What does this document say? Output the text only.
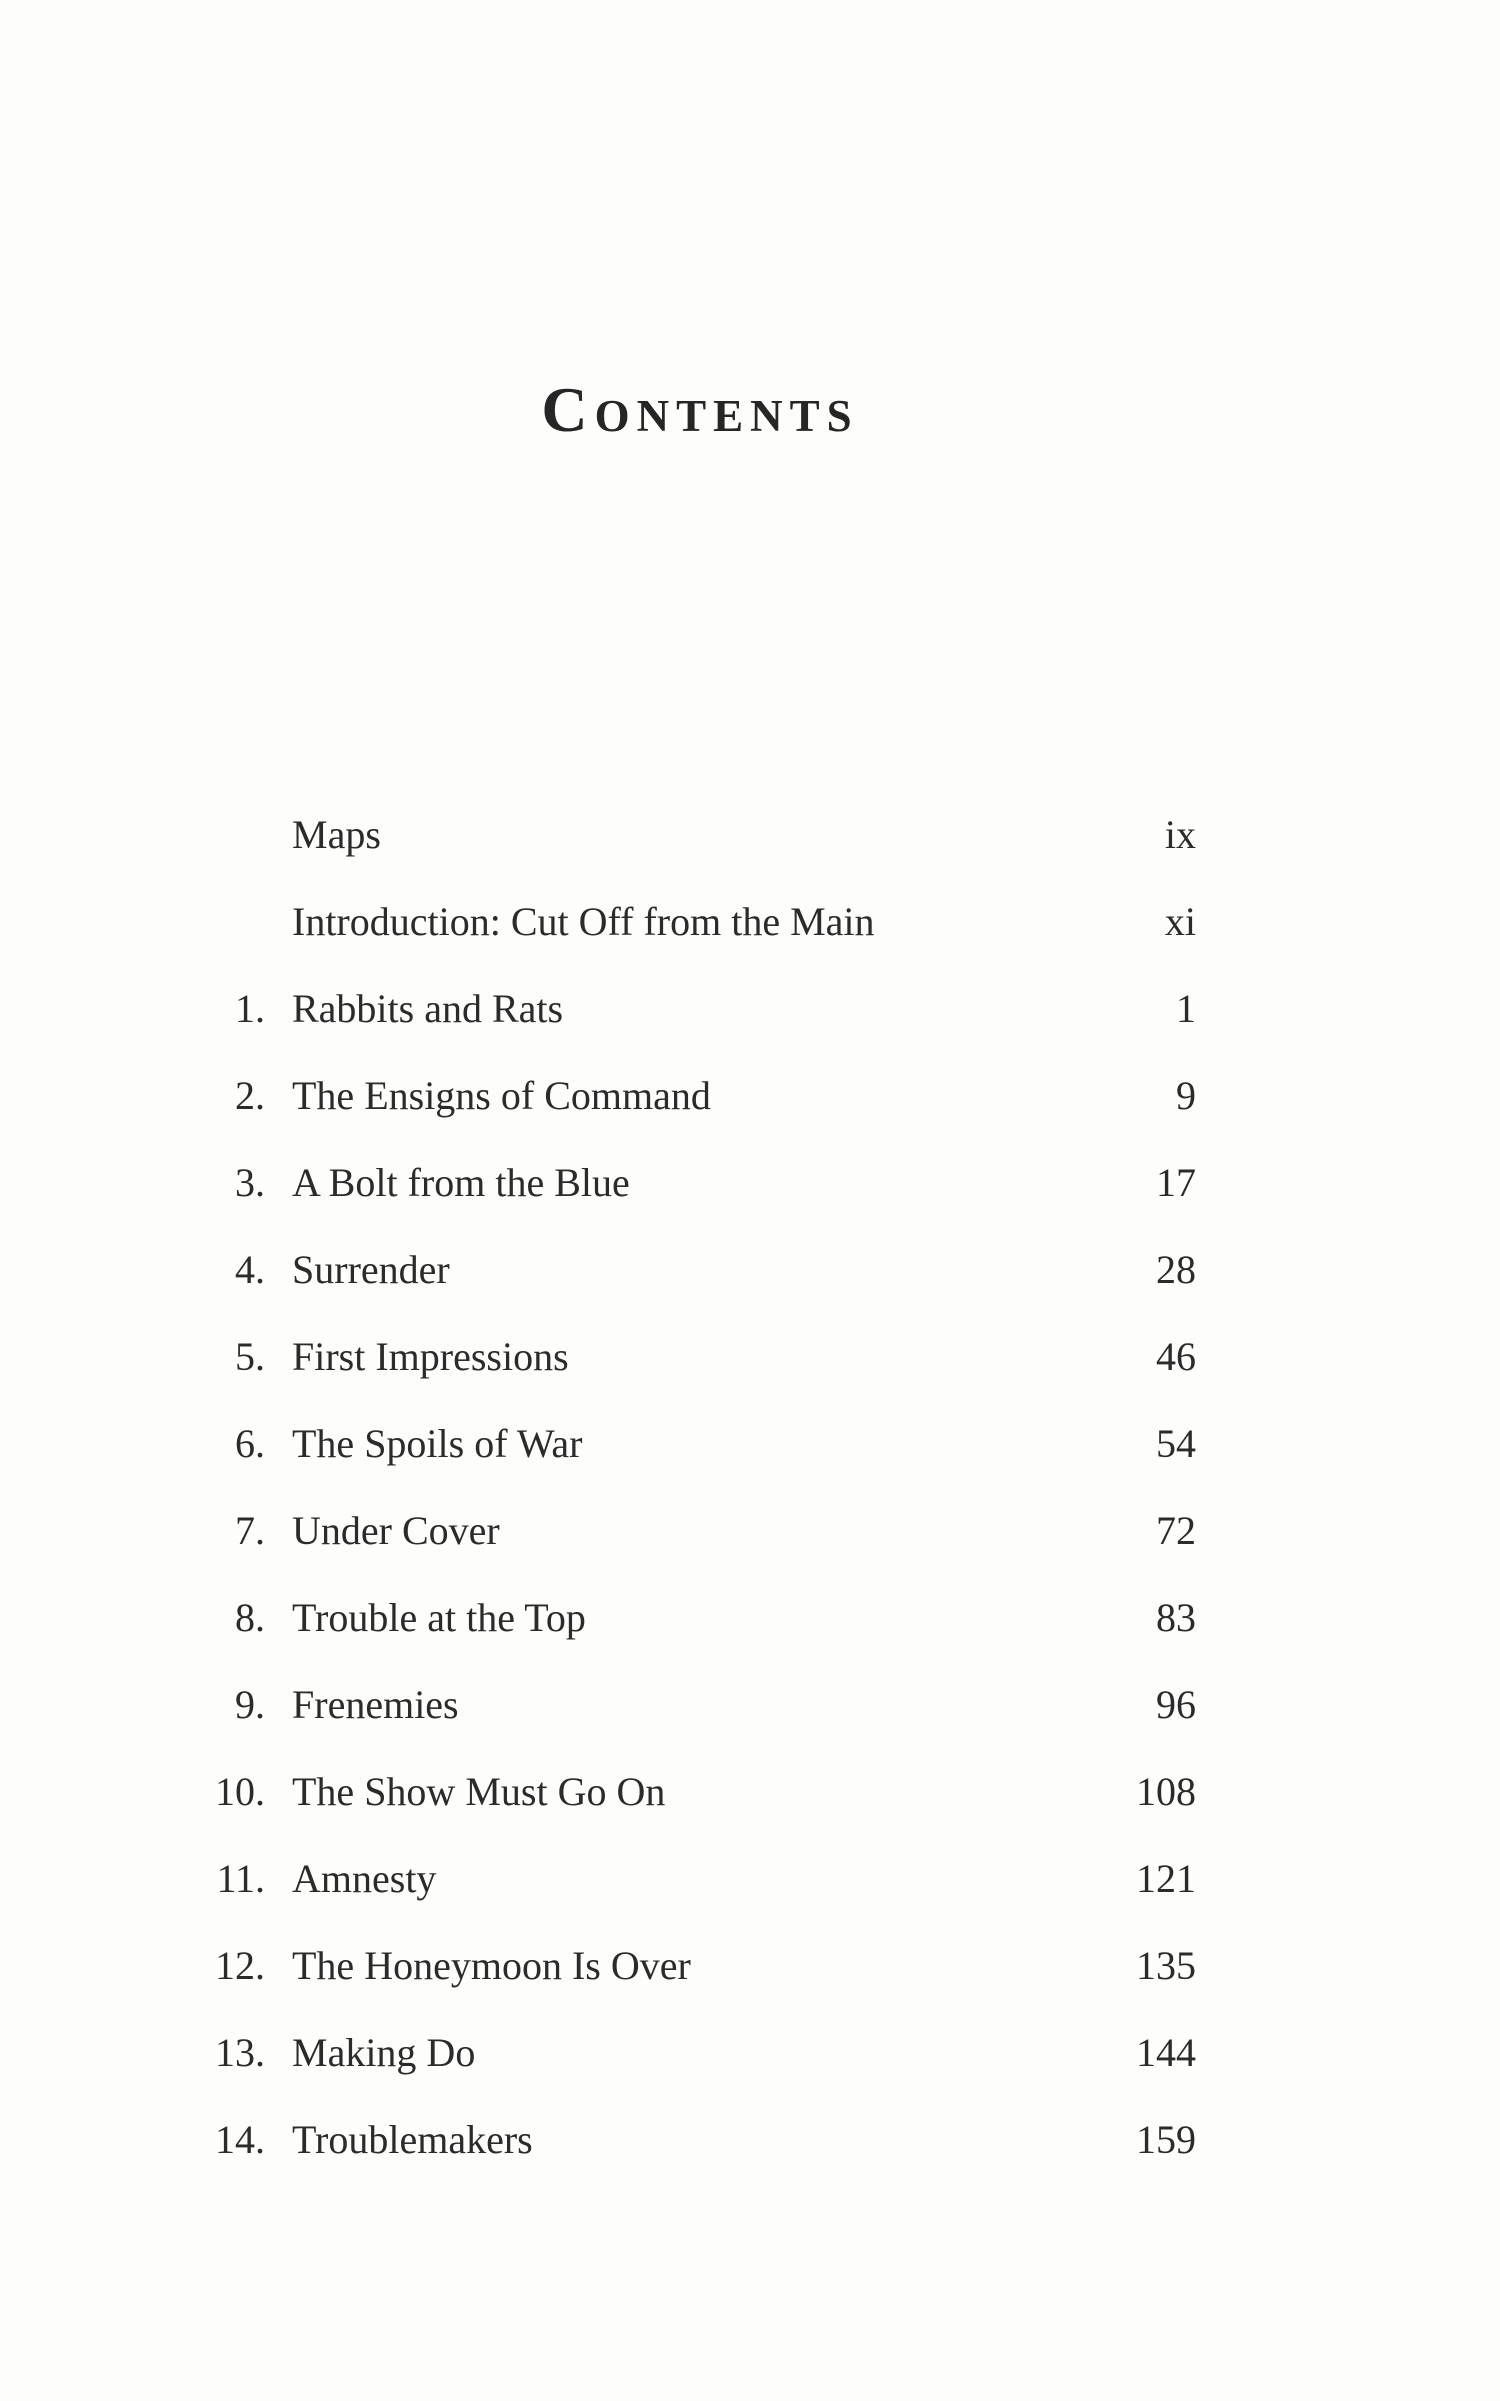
Contents
Maps	ix
Introduction: Cut Off from the Main	xi
1. Rabbits and Rats	1
2. The Ensigns of Command	9
3. A Bolt from the Blue	17
4. Surrender	28
5. First Impressions	46
6. The Spoils of War	54
7. Under Cover	72
8. Trouble at the Top	83
9. Frenemies	96
10. The Show Must Go On	108
11. Amnesty	121
12. The Honeymoon Is Over	135
13. Making Do	144
14. Troublemakers	159
